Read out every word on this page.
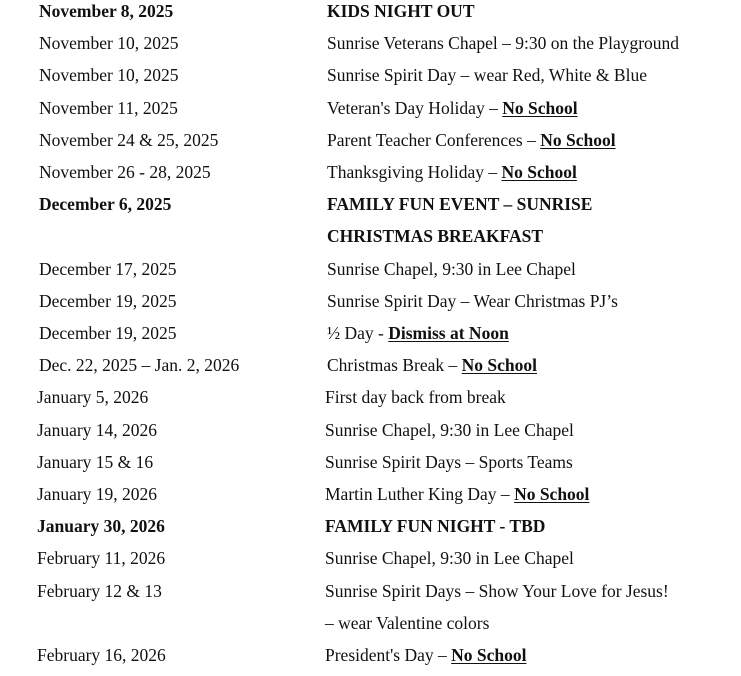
November 8, 2025	KIDS NIGHT OUT
November 10, 2025	Sunrise Veterans Chapel – 9:30 on the Playground
November 10, 2025	Sunrise Spirit Day – wear Red, White & Blue
November 11, 2025	Veteran's Day Holiday – No School
November 24 & 25, 2025	Parent Teacher Conferences – No School
November 26 - 28, 2025	Thanksgiving Holiday – No School
December 6, 2025	FAMILY FUN EVENT – SUNRISE
CHRISTMAS BREAKFAST
December 17, 2025	Sunrise Chapel, 9:30 in Lee Chapel
December 19, 2025	Sunrise Spirit Day – Wear Christmas PJ’s
December 19, 2025	½ Day - Dismiss at Noon
Dec. 22, 2025 – Jan. 2, 2026	Christmas Break – No School
January 5, 2026	First day back from break
January 14, 2026	Sunrise Chapel, 9:30 in Lee Chapel
January 15 & 16	Sunrise Spirit Days – Sports Teams
January 19, 2026	Martin Luther King Day – No School
January 30, 2026	FAMILY FUN NIGHT - TBD
February 11, 2026	Sunrise Chapel, 9:30 in Lee Chapel
February 12 & 13	Sunrise Spirit Days – Show Your Love for Jesus!
– wear Valentine colors
February 16, 2026	President's Day – No School
